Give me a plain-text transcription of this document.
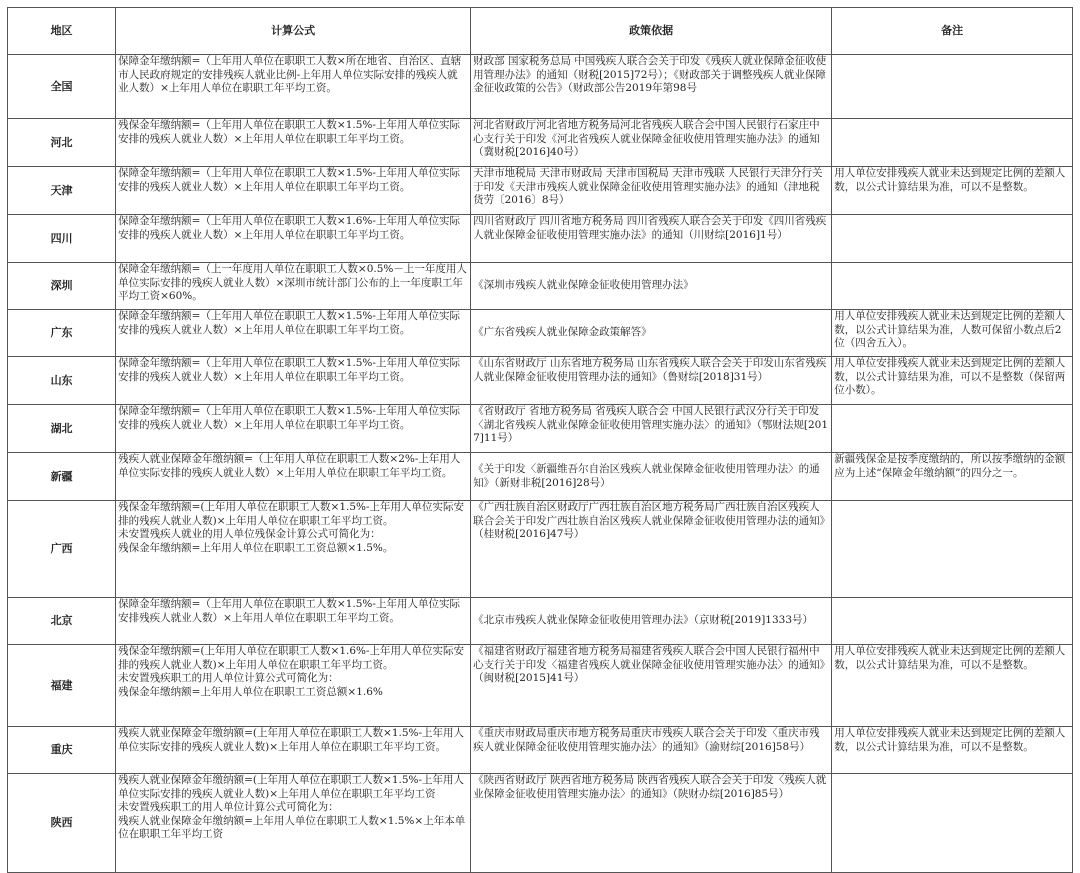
地区	计算公式	政策依据	备注
全国	保障金年缴纳额=（上年用人单位在职职工人数×所在地省、自治区、直辖市人民政府规定的安排残疾人就业比例-上年用人单位实际安排的残疾人就业人数）×上年用人单位在职职工年平均工资。	财政部 国家税务总局 中国残疾人联合会关于印发《残疾人就业保障金征收使用管理办法》的通知（财税[2015]72号）；《财政部关于调整残疾人就业保障金征收政策的公告》（财政部公告2019年第98号	

河北	残保金年缴纳额=（上年用人单位在职职工人数×1.5%-上年用人单位实际安排的残疾人就业人数）×上年用人单位在职职工年平均工资。	河北省财政厅河北省地方税务局河北省残疾人联合会中国人民银行石家庄中心支行关于印发《河北省残疾人就业保障金征收使用管理实施办法》的通知（冀财税[2016]40号）	

天津	保障金年缴纳额=（上年用人单位在职职工人数×1.5%-上年用人单位实际安排的残疾人就业人数）×上年用人单位在职职工年平均工资。	天津市地税局 天津市财政局 天津市国税局 天津市残联 人民银行天津分行关于印发《天津市残疾人就业保障金征收使用管理实施办法》的通知（津地税货劳〔2016〕8号）	用人单位安排残疾人就业未达到规定比例的差额人数，以公式计算结果为准，可以不是整数。
四川	保障金年缴纳额=（上年用人单位在职职工人数×1.6%-上年用人单位实际安排的残疾人就业人数）×上年用人单位在职职工年平均工资。	四川省财政厅 四川省地方税务局 四川省残疾人联合会关于印发《四川省残疾人就业保障金征收使用管理实施办法》的通知（川财综[2016]1号）	

深圳	保障金年缴纳额=（上一年度用人单位在职职工人数×0.5%－上一年度用人单位实际安排的残疾人就业人数）×深圳市统计部门公布的上一年度职工年平均工资×60%。	《深圳市残疾人就业保障金征收使用管理办法》	

广东	保障金年缴纳额=（上年用人单位在职职工人数×1.5%-上年用人单位实际安排的残疾人就业人数）×上年用人单位在职职工年平均工资。	《广东省残疾人就业保障金政策解答》	用人单位安排残疾人就业未达到规定比例的差额人数，以公式计算结果为准，人数可保留小数点后2位（四舍五入）。
山东	保障金年缴纳额=（上年用人单位在职职工人数×1.5%-上年用人单位实际安排的残疾人就业人数）×上年用人单位在职职工年平均工资。	《山东省财政厅 山东省地方税务局 山东省残疾人联合会关于印发山东省残疾人就业保障金征收使用管理办法的通知》（鲁财综[2018]31号）	用人单位安排残疾人就业未达到规定比例的差额人数，以公式计算结果为准，可以不是整数（保留两位小数）。
湖北	保障金年缴纳额=（上年用人单位在职职工人数×1.5%-上年用人单位实际安排的残疾人就业人数）×上年用人单位在职职工年平均工资。	《省财政厅 省地方税务局 省残疾人联合会 中国人民银行武汉分行关于印发〈湖北省残疾人就业保障金征收使用管理实施办法〉的通知》（鄂财法规[2017]11号）	

新疆	残疾人就业保障金年缴纳额=（上年用人单位在职职工人数×2%-上年用人单位实际安排的残疾人就业人数）×上年用人单位在职职工年平均工资。	《关于印发〈新疆维吾尔自治区残疾人就业保障金征收使用管理办法〉的通知》（新财非税[2016]28号）	新疆残保金是按季度缴纳的，所以按季缴纳的金额应为上述“保障金年缴纳额”的四分之一。
广西	残保金年缴纳额=(上年用人单位在职职工人数×1.5%-上年用人单位实际安排的残疾人就业人数)×上年用人单位在职职工年平均工资。
未安置残疾人就业的用人单位残保金计算公式可简化为：
残保金年缴纳额=上年用人单位在职职工工资总额×1.5%。	《广西壮族自治区财政厅广西壮族自治区地方税务局广西壮族自治区残疾人联合会关于印发广西壮族自治区残疾人就业保障金征收使用管理办法的通知》（桂财税[2016]47号）	

北京	保障金年缴纳额=（上年用人单位在职职工人数×1.5%-上年用人单位实际安排残疾人就业人数）×上年用人单位在职职工年平均工资。	《北京市残疾人就业保障金征收使用管理办法》（京财税[2019]1333号）	

福建	残保金年缴纳额=(上年用人单位在职职工人数×1.6%-上年用人单位实际安排的残疾人就业人数)×上年用人单位在职职工年平均工资。
未安置残疾职工的用人单位计算公式可简化为：
残保金年缴纳额=上年用人单位在职职工工资总额×1.6%	《福建省财政厅福建省地方税务局福建省残疾人联合会中国人民银行福州中心支行关于印发〈福建省残疾人就业保障金征收使用管理实施办法〉的通知》（闽财税[2015]41号）	用人单位安排残疾人就业未达到规定比例的差额人数，以公式计算结果为准，可以不是整数。
重庆	残疾人就业保障金年缴纳额=(上年用人单位在职职工人数×1.5%-上年用人单位实际安排的残疾人就业人数)×上年用人单位在职职工年平均工资。	《重庆市财政局重庆市地方税务局重庆市残疾人联合会关于印发〈重庆市残疾人就业保障金征收使用管理实施办法〉的通知》（渝财综[2016]58号）	用人单位安排残疾人就业未达到规定比例的差额人数，以公式计算结果为准，可以不是整数。
陕西	残疾人就业保障金年缴纳额=(上年用人单位在职职工人数×1.5%-上年用人单位实际安排的残疾人就业人数)×上年用人单位在职职工年平均工资
未安置残疾职工的用人单位计算公式可简化为：
残疾人就业保障金年缴纳额=上年用人单位在职职工人数×1.5%×上年本单位在职职工年平均工资	《陕西省财政厅 陕西省地方税务局 陕西省残疾人联合会关于印发〈残疾人就业保障金征收使用管理实施办法〉的通知》（陕财办综[2016]85号）	
